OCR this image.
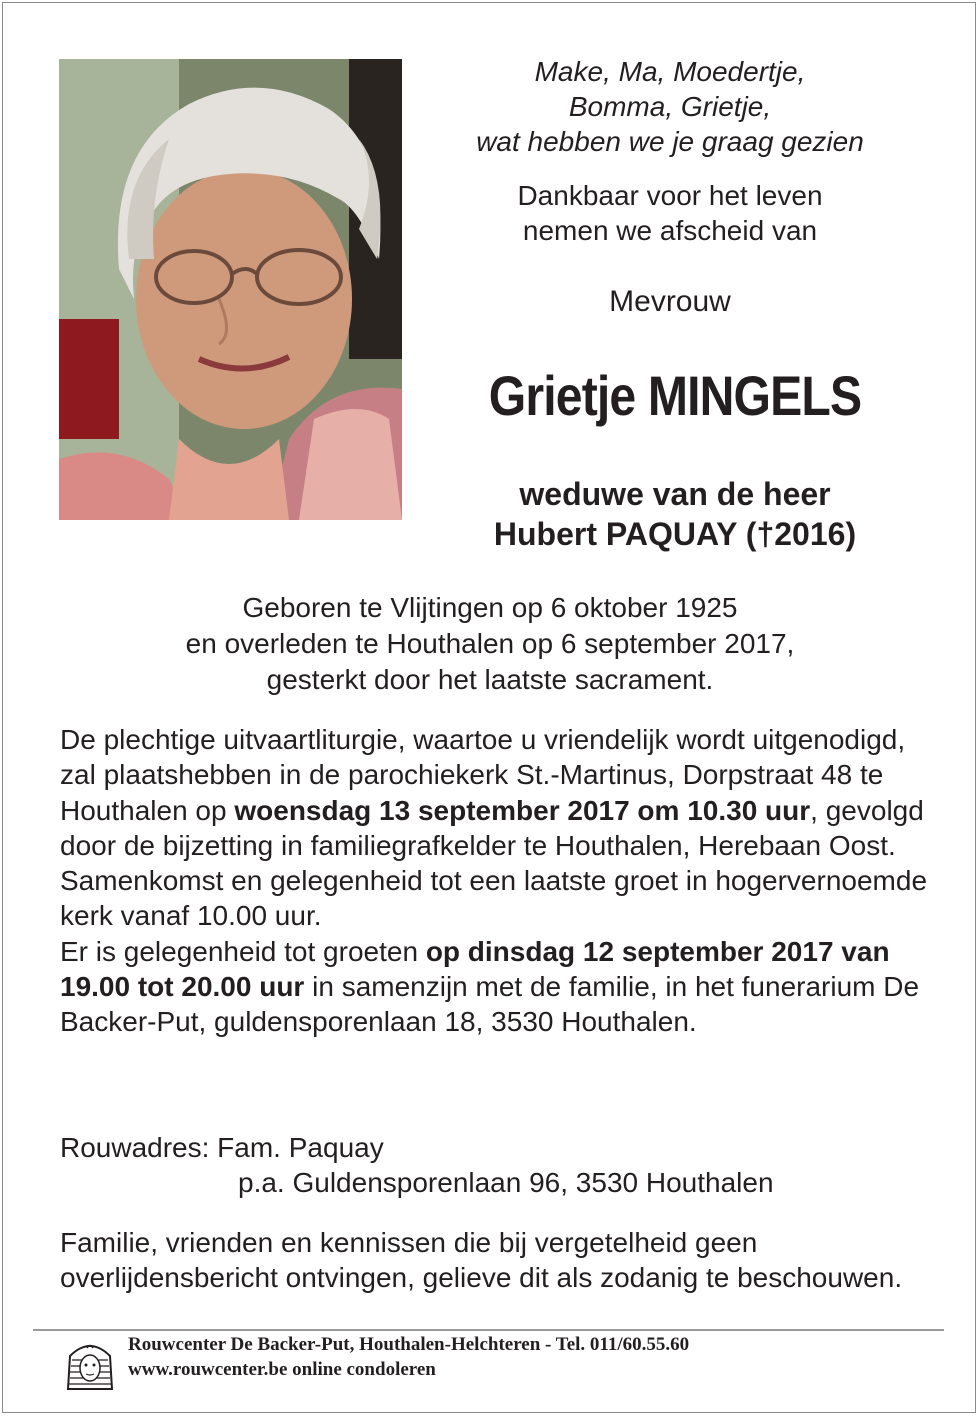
Make, Ma, Moedertje,
Bomma, Grietje,
wat hebben we je graag gezien
Dankbaar voor het leven
nemen we afscheid van
Mevrouw
Grietje MINGELS
weduwe van de heer
Hubert PAQUAY (†2016)
Geboren te Vlijtingen op 6 oktober 1925
en overleden te Houthalen op 6 september 2017,
gesterkt door het laatste sacrament.
De plechtige uitvaartliturgie, waartoe u vriendelijk wordt uitgenodigd, zal plaatshebben in de parochiekerk St.-Martinus, Dorpstraat 48 te Houthalen op woensdag 13 september 2017 om 10.30 uur, gevolgd door de bijzetting in familiegrafkelder te Houthalen, Herebaan Oost. Samenkomst en gelegenheid tot een laatste groet in hogervernoemde kerk vanaf 10.00 uur.
Er is gelegenheid tot groeten op dinsdag 12 september 2017 van 19.00 tot 20.00 uur in samenzijn met de familie, in het funerarium De Backer-Put, guldensporenlaan 18, 3530 Houthalen.
Rouwadres: Fam. Paquay
p.a. Guldensporenlaan 96, 3530 Houthalen
Familie, vrienden en kennissen die bij vergetelheid geen overlijdensbericht ontvingen, gelieve dit als zodanig te beschouwen.
Rouwcenter De Backer-Put, Houthalen-Helchteren - Tel. 011/60.55.60
www.rouwcenter.be online condoleren
